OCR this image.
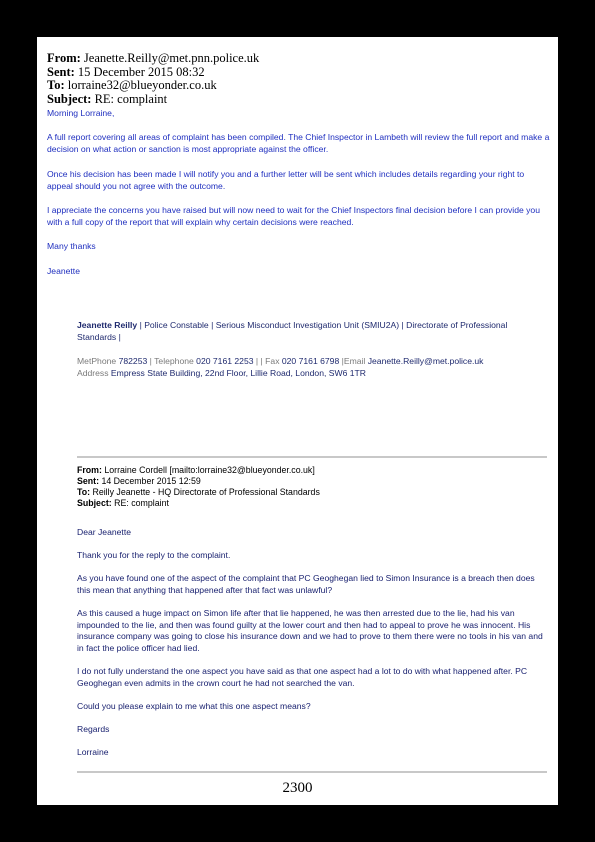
From: Jeanette.Reilly@met.pnn.police.uk
Sent: 15 December 2015 08:32
To: lorraine32@blueyonder.co.uk
Subject: RE: complaint
Morning Lorraine,
A full report covering all areas of complaint has been compiled. The Chief Inspector in Lambeth will review the full report and make a decision on what action or sanction is most appropriate against the officer.
Once his decision has been made I will notify you and a further letter will be sent which includes details regarding your right to appeal should you not agree with the outcome.
I appreciate the concerns you have raised but will now need to wait for the Chief Inspectors final decision before I can provide you with a full copy of the report that will explain why certain decisions were reached.
Many thanks
Jeanette
Jeanette Reilly | Police Constable | Serious Misconduct Investigation Unit (SMIU2A) | Directorate of Professional Standards |
MetPhone 782253 | Telephone 020 7161 2253 | | Fax 020 7161 6798 |Email Jeanette.Reilly@met.police.uk
Address Empress State Building, 22nd Floor, Lillie Road, London, SW6 1TR
From: Lorraine Cordell [mailto:lorraine32@blueyonder.co.uk]
Sent: 14 December 2015 12:59
To: Reilly Jeanette - HQ Directorate of Professional Standards
Subject: RE: complaint
Dear Jeanette
Thank you for the reply to the complaint.
As you have found one of the aspect of the complaint that PC Geoghegan lied to Simon Insurance is a breach then does this mean that anything that happened after that fact was unlawful?
As this caused a huge impact on Simon life after that lie happened, he was then arrested due to the lie, had his van impounded to the lie, and then was found guilty at the lower court and then had to appeal to prove he was innocent. His insurance company was going to close his insurance down and we had to prove to them there were no tools in his van and in fact the police officer had lied.
I do not fully understand the one aspect you have said as that one aspect had a lot to do with what happened after. PC Geoghegan even admits in the crown court he had not searched the van.
Could you please explain to me what this one aspect means?
Regards
Lorraine
2300
